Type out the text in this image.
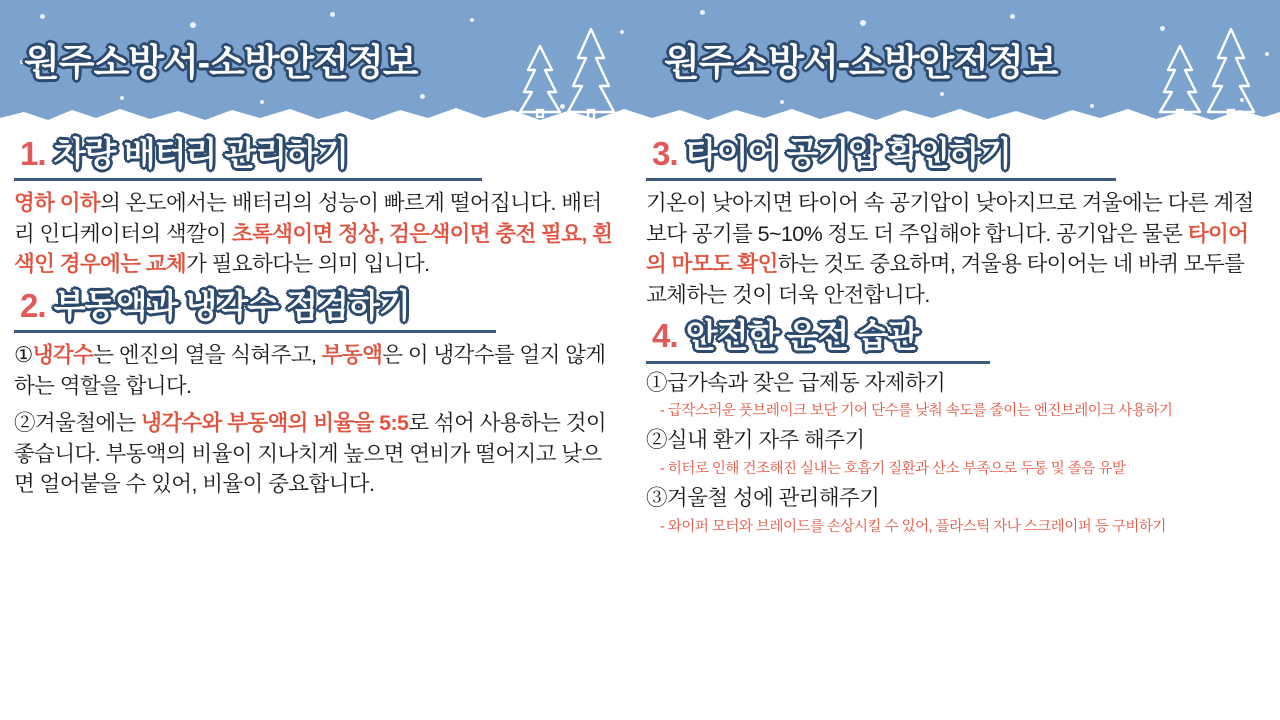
원주소방서-소방안전정보	원주소방서-소방안전정보
1. 차량 배터리 관리하기
영하 이하의 온도에서는 배터리의 성능이 빠르게 떨어집니다. 배터리 인디케이터의 색깔이 초록색이면 정상, 검은색이면 충전 필요, 흰색인 경우에는 교체가 필요하다는 의미 입니다.
2. 부동액과 냉각수 점검하기
①냉각수는 엔진의 열을 식혀주고, 부동액은 이 냉각수를 얼지 않게 하는 역할을 합니다.
②겨울철에는 냉각수와 부동액의 비율을 5:5로 섞어 사용하는 것이 좋습니다. 부동액의 비율이 지나치게 높으면 연비가 떨어지고 낮으면 얼어붙을 수 있어, 비율이 중요합니다.
3. 타이어 공기압 확인하기
기온이 낮아지면 타이어 속 공기압이 낮아지므로 겨울에는 다른 계절보다 공기를 5~10% 정도 더 주입해야 합니다. 공기압은 물론 타이어의 마모도 확인하는 것도 중요하며, 겨울용 타이어는 네 바퀴 모두를 교체하는 것이 더욱 안전합니다.
4. 안전한 운전 습관
①급가속과 잦은 급제동 자제하기
- 급작스러운 풋브레이크 보단 기어 단수를 낮춰 속도를 줄이는 엔진브레이크 사용하기
②실내 환기 자주 해주기
- 히터로 인해 건조해진 실내는 호흡기 질환과 산소 부족으로 두통 및 졸음 유발
③겨울철 성에 관리해주기
- 와이퍼 모터와 브레이드를 손상시킬 수 있어, 플라스틱 자나 스크레이퍼 등 구비하기
